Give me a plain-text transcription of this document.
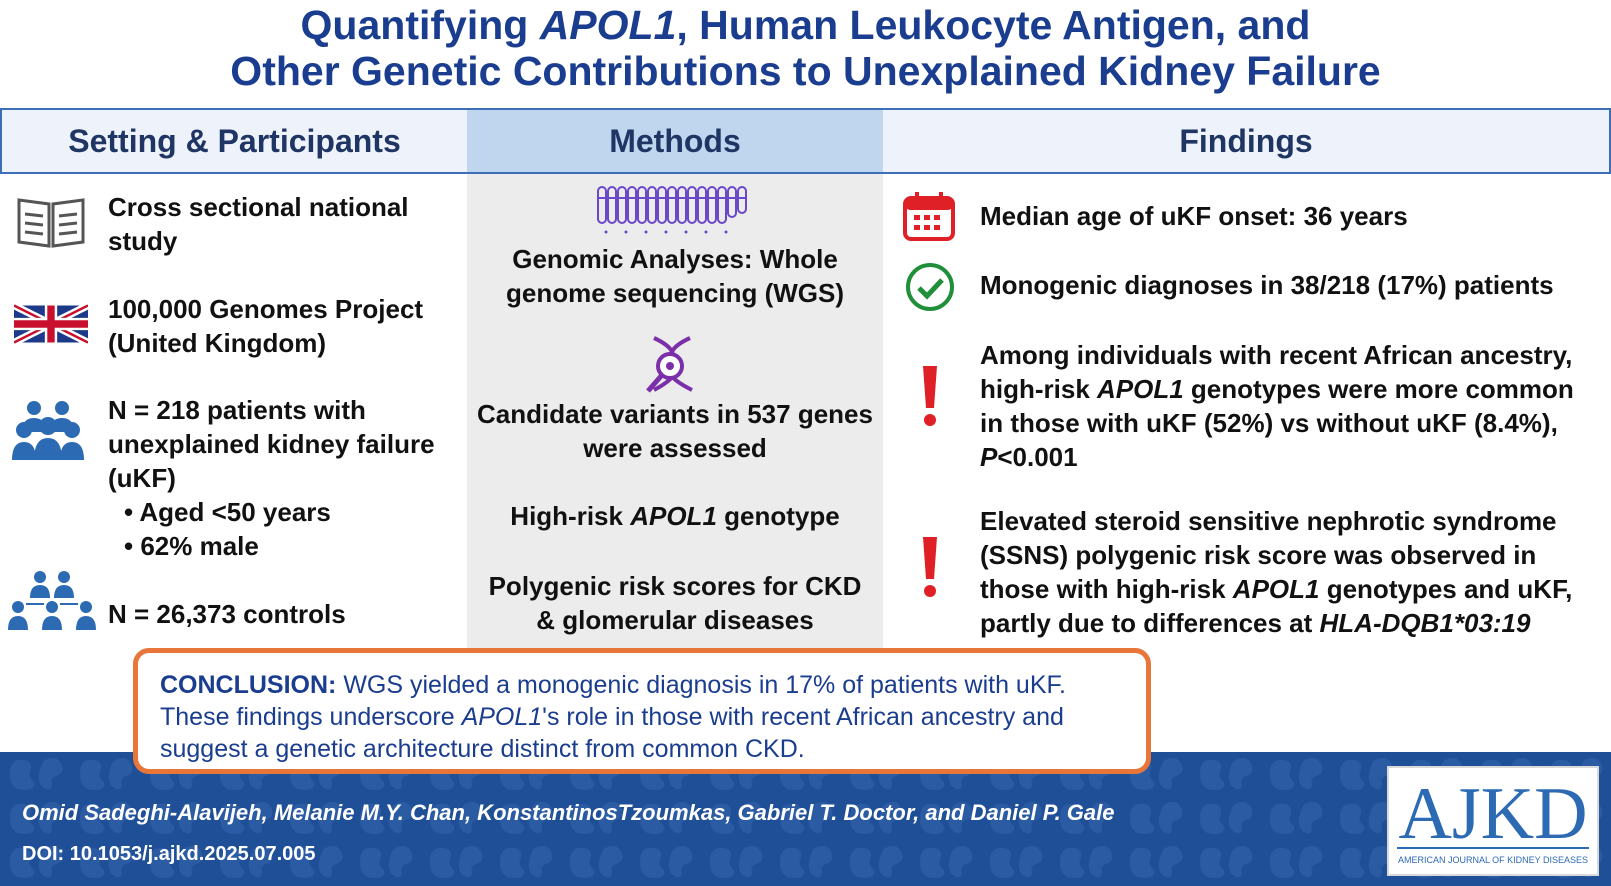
Quantifying APOL1, Human Leukocyte Antigen, and
Other Genetic Contributions to Unexplained Kidney Failure
Setting & Participants	Methods	Findings
Cross sectional national study
100,000 Genomes Project
(United Kingdom)
N = 218 patients with unexplained kidney failure (uKF)
• Aged <50 years
• 62% male
N = 26,373 controls
Genomic Analyses: Whole genome sequencing (WGS)
Candidate variants in 537 genes were assessed
High-risk APOL1 genotype
Polygenic risk scores for CKD & glomerular diseases
Median age of uKF onset: 36 years
Monogenic diagnoses in 38/218 (17%) patients
Among individuals with recent African ancestry, high-risk APOL1 genotypes were more common in those with uKF (52%) vs without uKF (8.4%), P<0.001
Elevated steroid sensitive nephrotic syndrome (SSNS) polygenic risk score was observed in those with high-risk APOL1 genotypes and uKF, partly due to differences at HLA-DQB1*03:19
CONCLUSION: WGS yielded a monogenic diagnosis in 17% of patients with uKF. These findings underscore APOL1's role in those with recent African ancestry and suggest a genetic architecture distinct from common CKD.
Omid Sadeghi-Alavijeh, Melanie M.Y. Chan, KonstantinosTzoumkas, Gabriel T. Doctor, and Daniel P. Gale
DOI: 10.1053/j.ajkd.2025.07.005	AJKD
AMERICAN JOURNAL OF KIDNEY DISEASES
